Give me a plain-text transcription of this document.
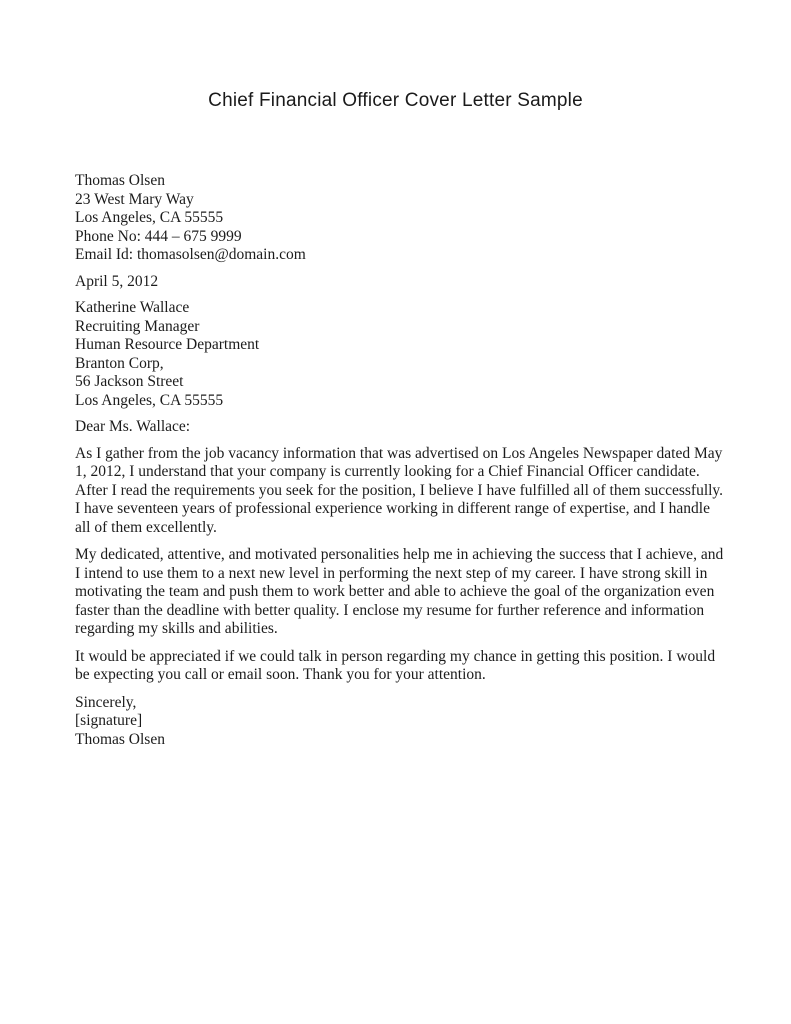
Chief Financial Officer Cover Letter Sample
Thomas Olsen
23 West Mary Way
Los Angeles, CA 55555
Phone No: 444 – 675 9999
Email Id: thomasolsen@domain.com
April 5, 2012
Katherine Wallace
Recruiting Manager
Human Resource Department
Branton Corp,
56 Jackson Street
Los Angeles, CA 55555
Dear Ms. Wallace:

As I gather from the job vacancy information that was advertised on Los Angeles Newspaper dated May 1, 2012, I understand that your company is currently looking for a Chief Financial Officer candidate. After I read the requirements you seek for the position, I believe I have fulfilled all of them successfully. I have seventeen years of professional experience working in different range of expertise, and I handle all of them excellently.

My dedicated, attentive, and motivated personalities help me in achieving the success that I achieve, and I intend to use them to a next new level in performing the next step of my career. I have strong skill in motivating the team and push them to work better and able to achieve the goal of the organization even faster than the deadline with better quality. I enclose my resume for further reference and information regarding my skills and abilities.

It would be appreciated if we could talk in person regarding my chance in getting this position. I would be expecting you call or email soon. Thank you for your attention.

Sincerely,
[signature]
Thomas Olsen
